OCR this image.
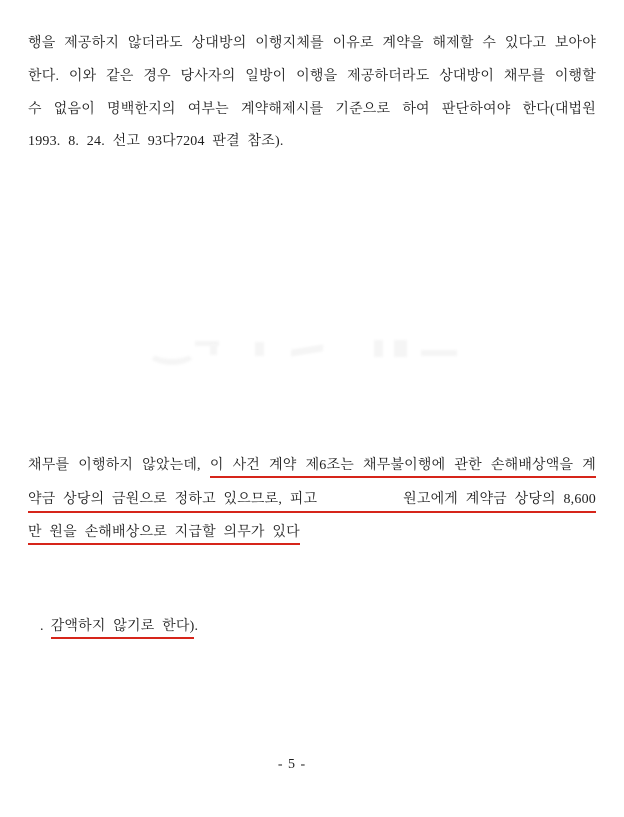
행을 제공하지 않더라도 상대방의 이행지체를 이유로 계약을 해제할 수 있다고 보아야
한다. 이와 같은 경우 당사자의 일방이 이행을 제공하더라도 상대방이 채무를 이행할
수 없음이 명백한지의 여부는 계약해제시를 기준으로 하여 판단하여야 한다(대법원
1993. 8. 24. 선고 93다7204 판결 참조).
채무를 이행하지 않았는데, 이 사건 계약 제6조는 채무불이행에 관한 손해배상액을 계
약금 상당의 금원으로 정하고 있으므로, 피고	원고에게 계약금 상당의 8,600
만 원을 손해배상으로 지급할 의무가 있다
. 감액하지 않기로 한다).
- 5 -
